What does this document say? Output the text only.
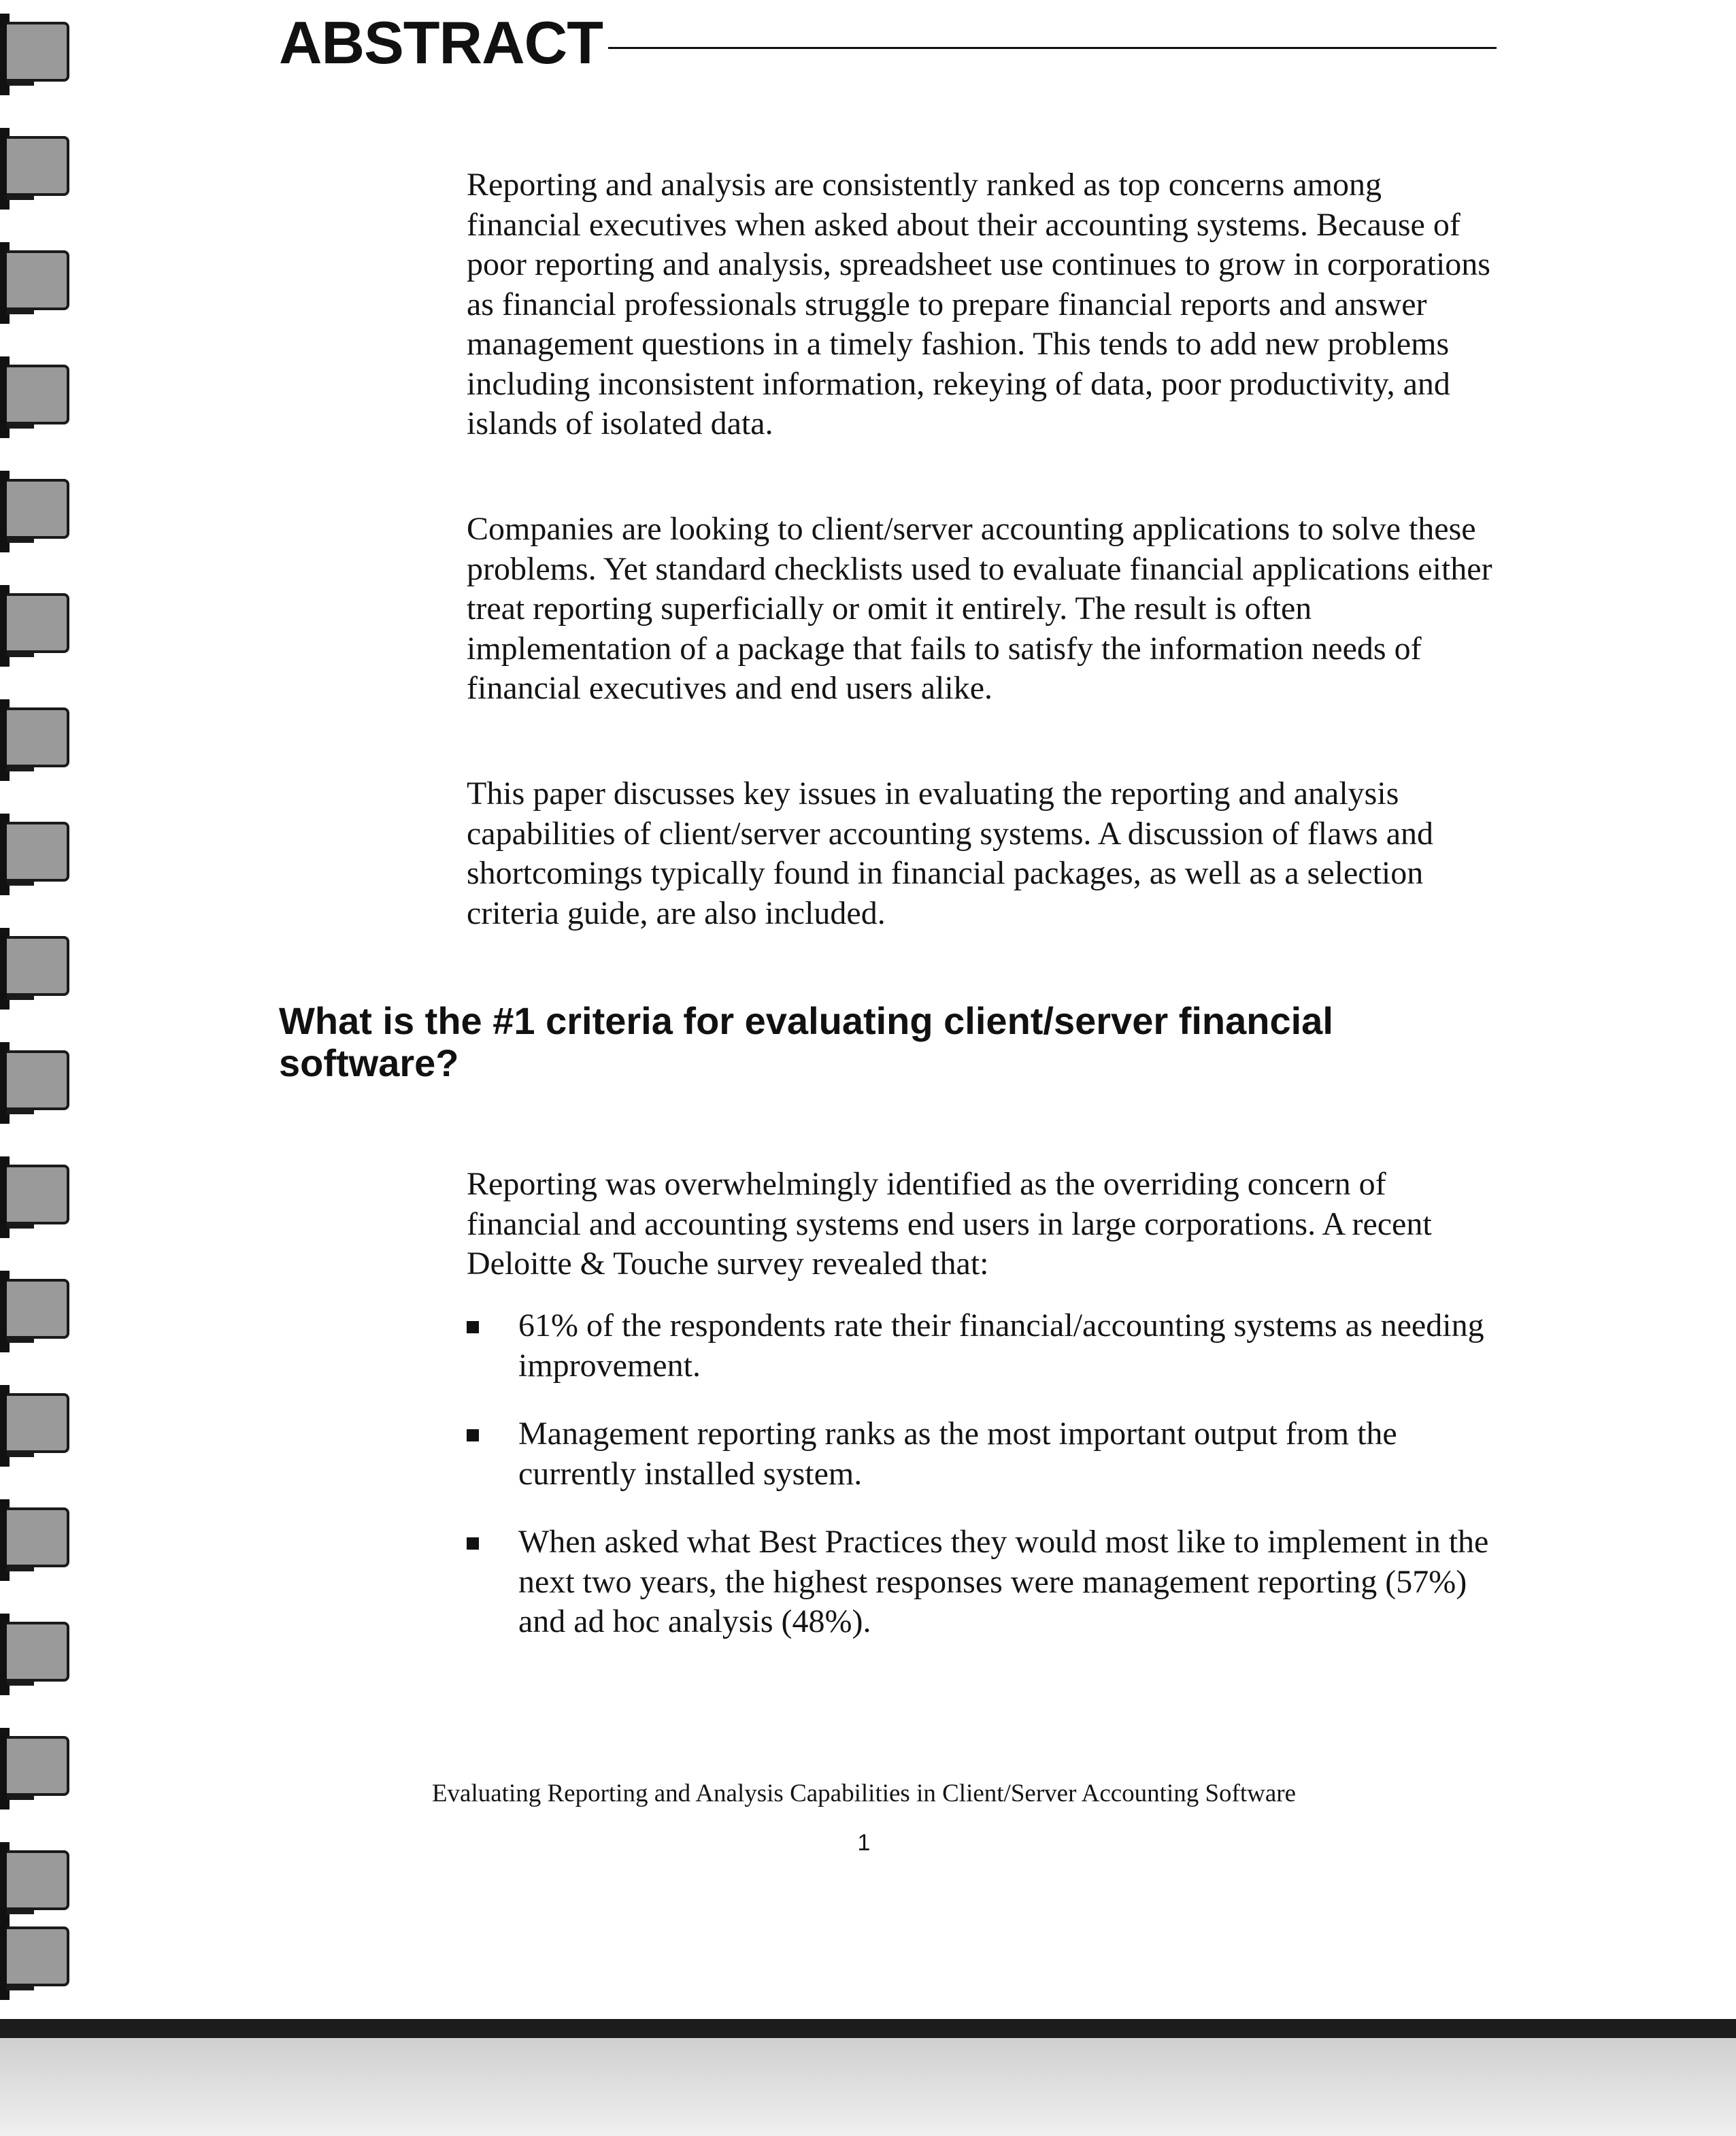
ABSTRACT

Reporting and analysis are consistently ranked as top concerns among financial executives when asked about their accounting systems. Because of poor reporting and analysis, spreadsheet use continues to grow in corporations as financial professionals struggle to prepare financial reports and answer management questions in a timely fashion. This tends to add new problems including inconsistent information, rekeying of data, poor productivity, and islands of isolated data.

Companies are looking to client/server accounting applications to solve these problems. Yet standard checklists used to evaluate financial applications either treat reporting superficially or omit it entirely. The result is often implementation of a package that fails to satisfy the information needs of financial executives and end users alike.

This paper discusses key issues in evaluating the reporting and analysis capabilities of client/server accounting systems. A discussion of flaws and shortcomings typically found in financial packages, as well as a selection criteria guide, are also included.

What is the #1 criteria for evaluating client/server financial software?

Reporting was overwhelmingly identified as the overriding concern of financial and accounting systems end users in large corporations. A recent Deloitte & Touche survey revealed that:

61% of the respondents rate their financial/accounting systems as needing improvement.
Management reporting ranks as the most important output from the currently installed system.
When asked what Best Practices they would most like to implement in the next two years, the highest responses were management reporting (57%) and ad hoc analysis (48%).
Evaluating Reporting and Analysis Capabilities in Client/Server Accounting Software
1
